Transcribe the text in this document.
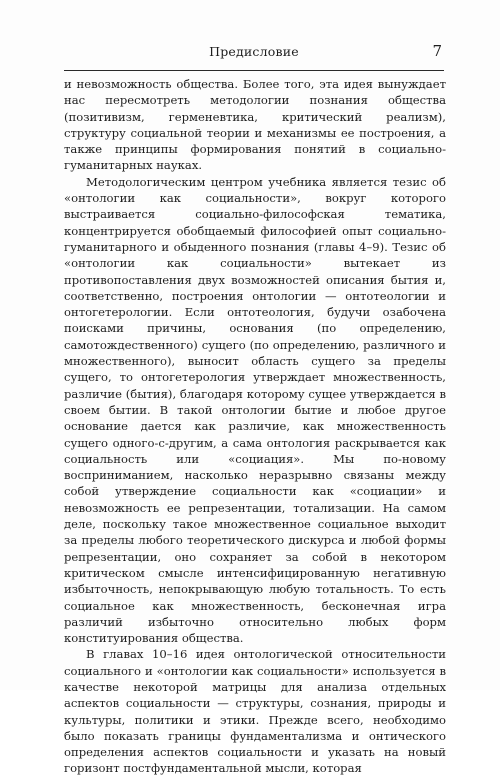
Предисловие	7

и невозможность общества. Более того, эта идея вынуждает нас пересмотреть методологии познания общества (позитивизм, герменевтика, критический реализм), структуру социальной теории и механизмы ее построения, а также принципы формирования понятий в социально-гуманитарных науках.

Методологическим центром учебника является тезис об «онтологии как социальности», вокруг которого выстраивается социально-философская тематика, концентрируется обобщаемый философией опыт социально-гуманитарного и обыденного познания (главы 4–9). Тезис об «онтологии как социальности» вытекает из противопоставления двух возможностей описания бытия и, соответственно, построения онтологии — онтотеологии и онтогетерологии. Если онтотеология, будучи озабочена поисками причины, основания (по определению, самотождественного) сущего (по определению, различного и множественного), выносит область сущего за пределы сущего, то онтогетерология утверждает множественность, различие (бытия), благодаря которому сущее утверждается в своем бытии. В такой онтологии бытие и любое другое основание дается как различие, как множественность сущего одного-с-другим, а сама онтология раскрывается как социальность или «социация». Мы по-новому восприниманием, насколько неразрывно связаны между собой утверждение социальности как «социации» и невозможность ее репрезентации, тотализации. На самом деле, поскольку такое множественное социальное выходит за пределы любого теоретического дискурса и любой формы репрезентации, оно сохраняет за собой в некотором критическом смысле интенсифицированную негативную избыточность, непокрывающую любую тотальность. То есть социальное как множественность, бесконечная игра различий избыточно относительно любых форм конституирования общества.

В главах 10–16 идея онтологической относительности социального и «онтологии как социальности» используется в качестве некоторой матрицы для анализа отдельных аспектов социальности — структуры, сознания, природы и культуры, политики и этики. Прежде всего, необходимо было показать границы фундаментализма и онтического определения аспектов социальности и указать на новый горизонт постфундаментальной мысли, которая
